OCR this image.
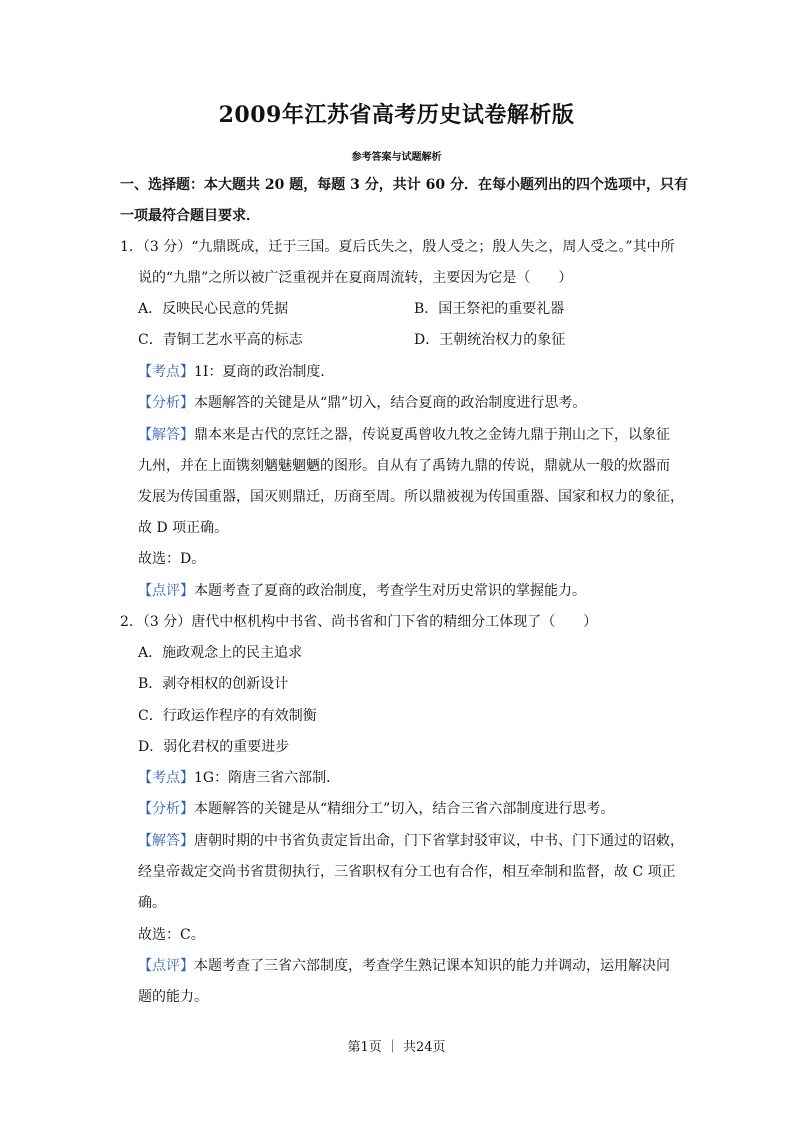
2009年江苏省高考历史试卷解析版
参考答案与试题解析
一、选择题：本大题共 20 题，每题 3 分，共计 60 分．在每小题列出的四个选项中，只有
一项最符合题目要求．
1．（3 分）“九鼎既成，迁于三国。夏后氏失之，殷人受之；殷人失之，周人受之。”其中所
说的“九鼎”之所以被广泛重视并在夏商周流转，主要因为它是（　　）
A．反映民心民意的凭据	B．国王祭祀的重要礼器
C．青铜工艺水平高的标志	D．王朝统治权力的象征
【考点】1I：夏商的政治制度．
【分析】本题解答的关键是从“鼎”切入，结合夏商的政治制度进行思考。
【解答】鼎本来是古代的烹饪之器，传说夏禹曾收九牧之金铸九鼎于荆山之下，以象征
九州，并在上面镌刻魑魅魍魉的图形。自从有了禹铸九鼎的传说，鼎就从一般的炊器而
发展为传国重器，国灭则鼎迁，历商至周。所以鼎被视为传国重器、国家和权力的象征，
故 D 项正确。
故选：D。
【点评】本题考查了夏商的政治制度，考查学生对历史常识的掌握能力。
2．（3 分）唐代中枢机构中书省、尚书省和门下省的精细分工体现了（　　）
A．施政观念上的民主追求
B．剥夺相权的创新设计
C．行政运作程序的有效制衡
D．弱化君权的重要进步
【考点】1G：隋唐三省六部制．
【分析】本题解答的关键是从“精细分工”切入，结合三省六部制度进行思考。
【解答】唐朝时期的中书省负责定旨出命，门下省掌封驳审议，中书、门下通过的诏敕，
经皇帝裁定交尚书省贯彻执行，三省职权有分工也有合作，相互牵制和监督，故 C 项正
确。
故选：C。
【点评】本题考查了三省六部制度，考查学生熟记课本知识的能力并调动，运用解决问
题的能力。
第1页 ｜ 共24页
